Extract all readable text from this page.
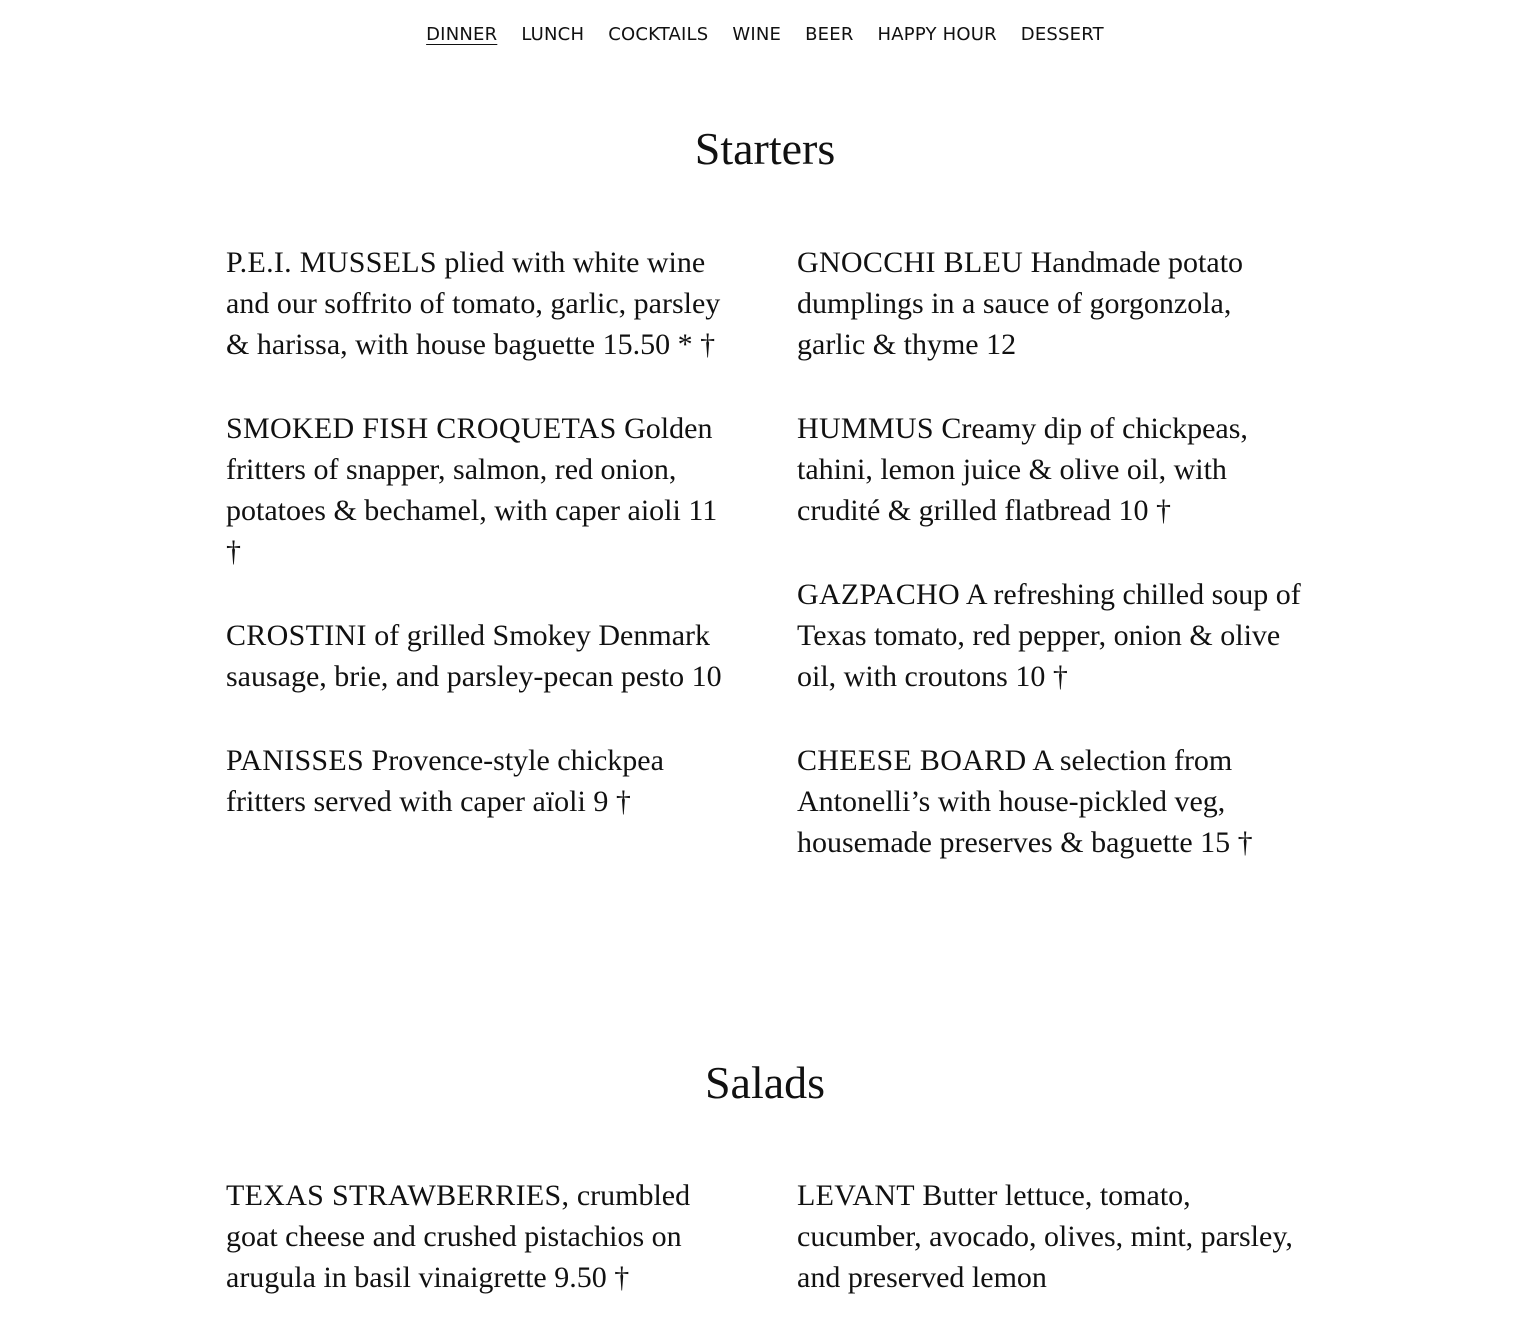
DINNER LUNCH COCKTAILS WINE BEER HAPPY HOUR DESSERT
Starters

P.E.I. MUSSELS plied with white wine and our soffrito of tomato, garlic, parsley & harissa, with house baguette 15.50 * †

SMOKED FISH CROQUETAS Golden fritters of snapper, salmon, red onion, potatoes & bechamel, with caper aioli 11 †

CROSTINI of grilled Smokey Denmark sausage, brie, and parsley-pecan pesto 10

PANISSES Provence-style chickpea fritters served with caper aïoli 9 †

GNOCCHI BLEU Handmade potato dumplings in a sauce of gorgonzola, garlic & thyme 12

HUMMUS Creamy dip of chickpeas, tahini, lemon juice & olive oil, with crudité & grilled flatbread 10 †

GAZPACHO A refreshing chilled soup of Texas tomato, red pepper, onion & olive oil, with croutons 10 †

CHEESE BOARD A selection from Antonelli’s with house-pickled veg, housemade preserves & baguette 15 †

Salads

TEXAS STRAWBERRIES, crumbled goat cheese and crushed pistachios on arugula in basil vinaigrette 9.50 †

LEVANT Butter lettuce, tomato, cucumber, avocado, olives, mint, parsley, and preserved lemon
